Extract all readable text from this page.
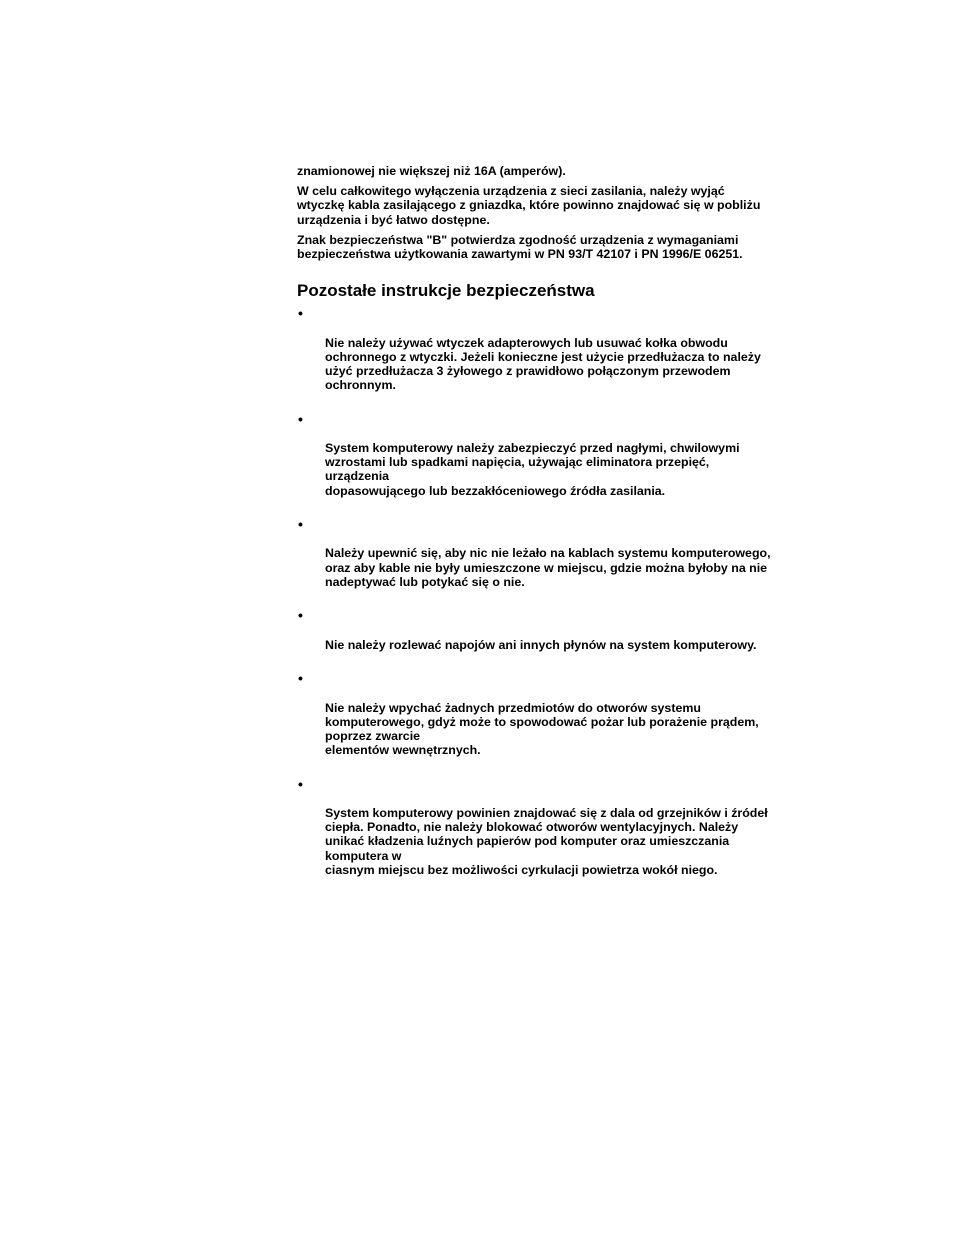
znamionowej nie większej niż 16A (amperów).

W celu całkowitego wyłączenia urządzenia z sieci zasilania, należy wyjąć
wtyczkę kabla zasilającego z gniazdka, które powinno znajdować się w pobliżu
urządzenia i być łatwo dostępne.

Znak bezpieczeństwa "B" potwierdza zgodność urządzenia z wymaganiami
bezpieczeństwa użytkowania zawartymi w PN 93/T 42107 i PN 1996/E 06251.

Pozostałe instrukcje bezpieczeństwa

•

Nie należy używać wtyczek adapterowych lub usuwać kołka obwodu
ochronnego z wtyczki. Jeżeli konieczne jest użycie przedłużacza to należy
użyć przedłużacza 3 żyłowego z prawidłowo połączonym przewodem
ochronnym.

•

System komputerowy należy zabezpieczyć przed nagłymi, chwilowymi
wzrostami lub spadkami napięcia, używając eliminatora przepięć,
urządzenia
dopasowującego lub bezzakłóceniowego źródła zasilania.

•

Należy upewnić się, aby nic nie leżało na kablach systemu komputerowego,
oraz aby kable nie były umieszczone w miejscu, gdzie można byłoby na nie
nadeptywać lub potykać się o nie.

•

Nie należy rozlewać napojów ani innych płynów na system komputerowy.

•

Nie należy wpychać żadnych przedmiotów do otworów systemu
komputerowego, gdyż może to spowodować pożar lub porażenie prądem,
poprzez zwarcie
elementów wewnętrznych.

•

System komputerowy powinien znajdować się z dala od grzejników i źródeł
ciepła. Ponadto, nie należy blokować otworów wentylacyjnych. Należy
unikać kładzenia luźnych papierów pod komputer oraz umieszczania
komputera w
ciasnym miejscu bez możliwości cyrkulacji powietrza wokół niego.
